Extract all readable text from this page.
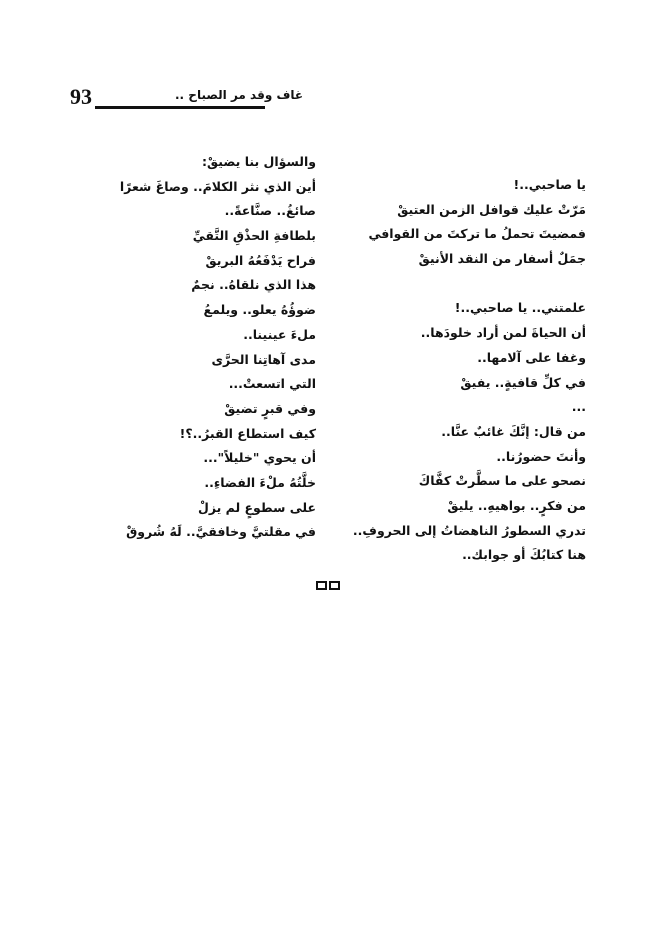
93	غاف وقد مر الصباح ..
والسؤال بنا يضيقْ:
أين الذي نثر الكلامَ.. وصاغَ شعرًا
صائغُ.. صنَّاعةً..
بلطافةِ الحذْقِ التَّقيِّ
فراح يَدْفَعُهُ البريقْ
هذا الذي نلقاهُ.. نجمٌ
ضوؤُهُ يعلو.. ويلمعُ
ملءَ عينينا..
مدى آهاتِنا الحرَّى
التي اتسعتْ...
وفي قبرٍ تضيقْ
كيف استطاع القبرُ..؟!
أن يحوي "خليلاً"...
خلَّتُهُ ملْءَ الفضاءِ..
على سطوعٍ لم يزلْ
في مقلتيَّ وخافقيَّ.. لَهُ شُروقْ
يا صاحبي..!
مَرّتْ عليك قوافل الزمن العتيقْ
فمضيتَ تحملُ ما تركتَ من القوافي
جمَلٌ أسفار من النقد الأنيقْ
علمتني.. يا صاحبي..!
أن الحياةَ لمن أراد خلودَها..
وغفا على آلامها..
في كلِّ قافيةٍ.. يفيقْ
...
من قال: إنَّكَ غائبٌ عنَّا..
وأنتَ حضورُنا..
نصحو على ما سطَّرتْ كفَّاكَ
من فكرٍ.. بواهيهِ.. يليقْ
تدري السطورُ الناهضاتُ إلى الحروفِ..
هنا كتابُكَ أو جوابك..
